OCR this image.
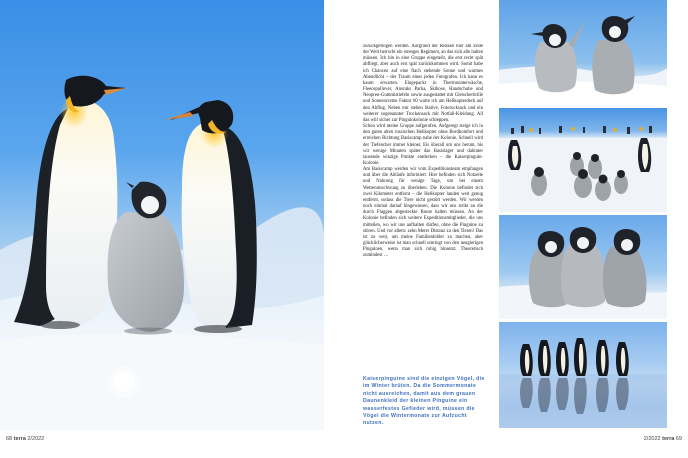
68 terra 2/2022

zurückgeflogen werden. Aufgrund der Risiken hier am Ende der Welt herrscht ein strenges Regiment, an das sich alle halten müssen. Ich bin in eine Gruppe eingeteilt, die erst recht spät abfliegt, aber auch erst spät zurückkommen wird. Somit habe ich Chancen auf eine flach stehende Sonne und warmes Abendlicht – der Traum eines jeden Fotografen. Ich kann es kaum erwarten. Eingepackt in Thermounterwäsche, Fleecepullover, Anoraks Parka, Skihose, Handschuhe und Neopren-Gummistiefeln sowie ausgestattet mit Gletscherbrille und Sonnencreme Faktor 60 warte ich am Helikopterdeck auf den Abflug. Neben mir stehen Stative, Fotorucksack und ein weiterer sogenannter Trockensack mit Notfall-Kleidung. All das will sicher zur Pinguinkolonie schleppen.

Schon wird meine Gruppe aufgerufen. Aufgeregt steige ich in den guten alten russischen Helikopter ohne Bordkomfort und erreichen Richtung Basiscamp nahe der Kolonie. Schnell wird der Tiefencher immer kleiner, Eis überall um uns herum, bis wir wenige Minuten später das Basislager und dahinter tausende winzige Punkte entdecken – die Kaiserpinguin-Kolonie.

Am Basiscamp werden wir vom Expeditionsteam empfangen und über die Abläufe informiert. Hier befinden sich Notzelte und Nahrung für wenige Tage, um bei einem Wetterumschwung zu überleben. Die Kolonie befindet sich zwei Kilometer entfernt – die Helikopter landen weit genug entfernt, sodass die Tiere nicht gestört werden. Wir werden noch einmal darauf hingewiesen, dass wir uns strikt an die durch Flaggen abgesteckte Route halten müssen. An der Kolonie befinden sich weitere Expeditionsmitglieder, die uns mitteilen, wo wir uns aufhalten dürfen, ohne die Pinguine zu stören. Und vor allem: zehn Meter Distanz zu den Tieren! Das ist zu weit, um meine Familienbilder zu machen, aber glücklicherweise ist man schnell umringt von den neugierigen Pinguinen, wenn man sich ruhig hinsetzt. Theoretisch zumindest …

Kaiserpinguine sind die einzigen Vögel, die im Winter brüten. Da die Sommermonate nicht ausreichen, damit aus dem grauen Daunenkleid der kleinen Pinguine ein wasserfestes Gefieder wird, müssen die Vögel die Wintermonate zur Aufzucht nutzen.
2/2022 terra 69
